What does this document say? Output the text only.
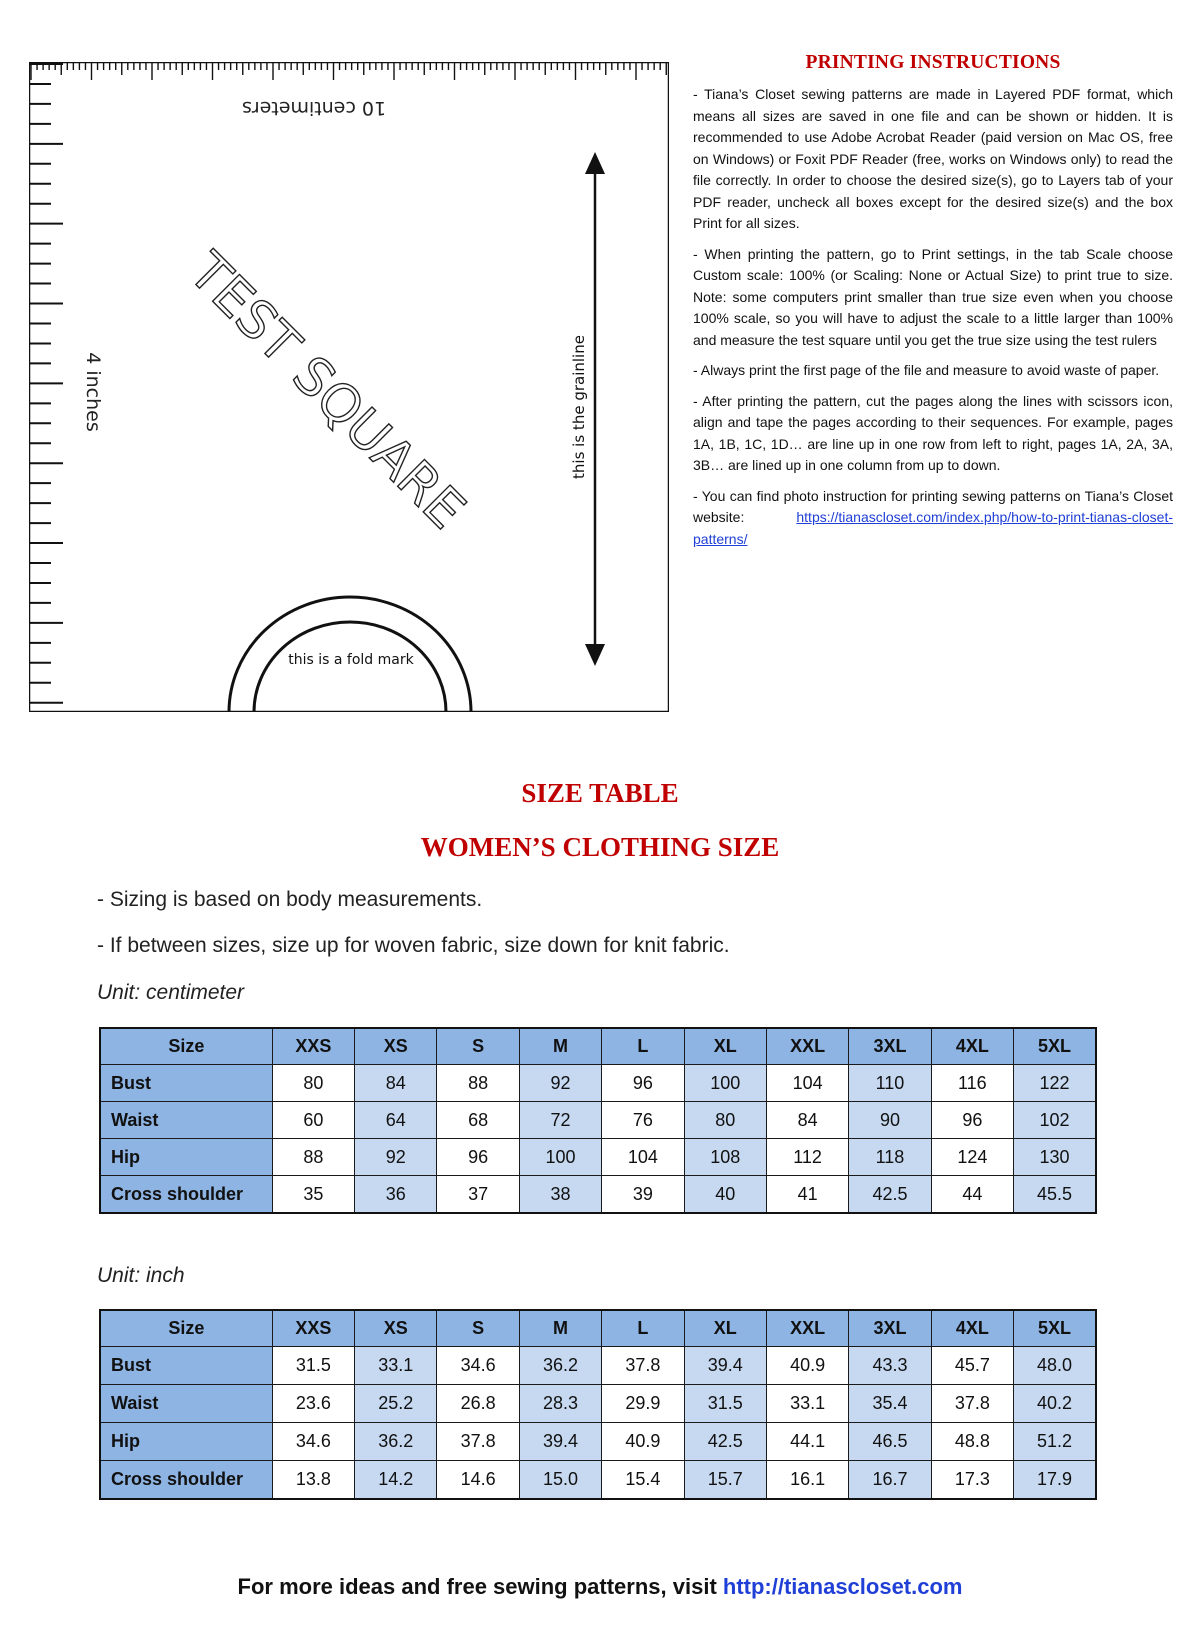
10 centimeters
4 inches TEST SQUARE	this is the grainline
this is a fold mark
PRINTING INSTRUCTIONS

- Tiana’s Closet sewing patterns are made in Layered PDF format, which means all sizes are saved in one file and can be shown or hidden. It is recommended to use Adobe Acrobat Reader (paid version on Mac OS, free on Windows) or Foxit PDF Reader (free, works on Windows only) to read the file correctly. In order to choose the desired size(s), go to Layers tab of your PDF reader, uncheck all boxes except for the desired size(s) and the box Print for all sizes.

- When printing the pattern, go to Print settings, in the tab Scale choose Custom scale: 100% (or Scaling: None or Actual Size) to print true to size. Note: some computers print smaller than true size even when you choose 100% scale, so you will have to adjust the scale to a little larger than 100% and measure the test square until you get the true size using the test rulers

- Always print the first page of the file and measure to avoid waste of paper.

- After printing the pattern, cut the pages along the lines with scissors icon, align and tape the pages according to their sequences. For example, pages 1A, 1B, 1C, 1D… are line up in one row from left to right, pages 1A, 2A, 3A, 3B… are lined up in one column from up to down.

- You can find photo instruction for printing sewing patterns on Tiana’s Closet website:	https://tianascloset.com/index.php/how-to-print-tianas-closet-patterns/

SIZE TABLE
WOMEN’S CLOTHING SIZE
- Sizing is based on body measurements.
- If between sizes, size up for woven fabric, size down for knit fabric.
Unit: centimeter
Size	XXS	XS	S	M	L	XL	XXL	3XL	4XL	5XL
Bust	80	84	88	92	96	100	104	110	116	122
Waist	60	64	68	72	76	80	84	90	96	102
Hip	88	92	96	100	104	108	112	118	124	130
Cross shoulder	35	36	37	38	39	40	41	42.5	44	45.5
Unit: inch
Size	XXS	XS	S	M	L	XL	XXL	3XL	4XL	5XL
Bust	31.5	33.1	34.6	36.2	37.8	39.4	40.9	43.3	45.7	48.0
Waist	23.6	25.2	26.8	28.3	29.9	31.5	33.1	35.4	37.8	40.2
Hip	34.6	36.2	37.8	39.4	40.9	42.5	44.1	46.5	48.8	51.2
Cross shoulder	13.8	14.2	14.6	15.0	15.4	15.7	16.1	16.7	17.3	17.9
For more ideas and free sewing patterns, visit http://tianascloset.com
